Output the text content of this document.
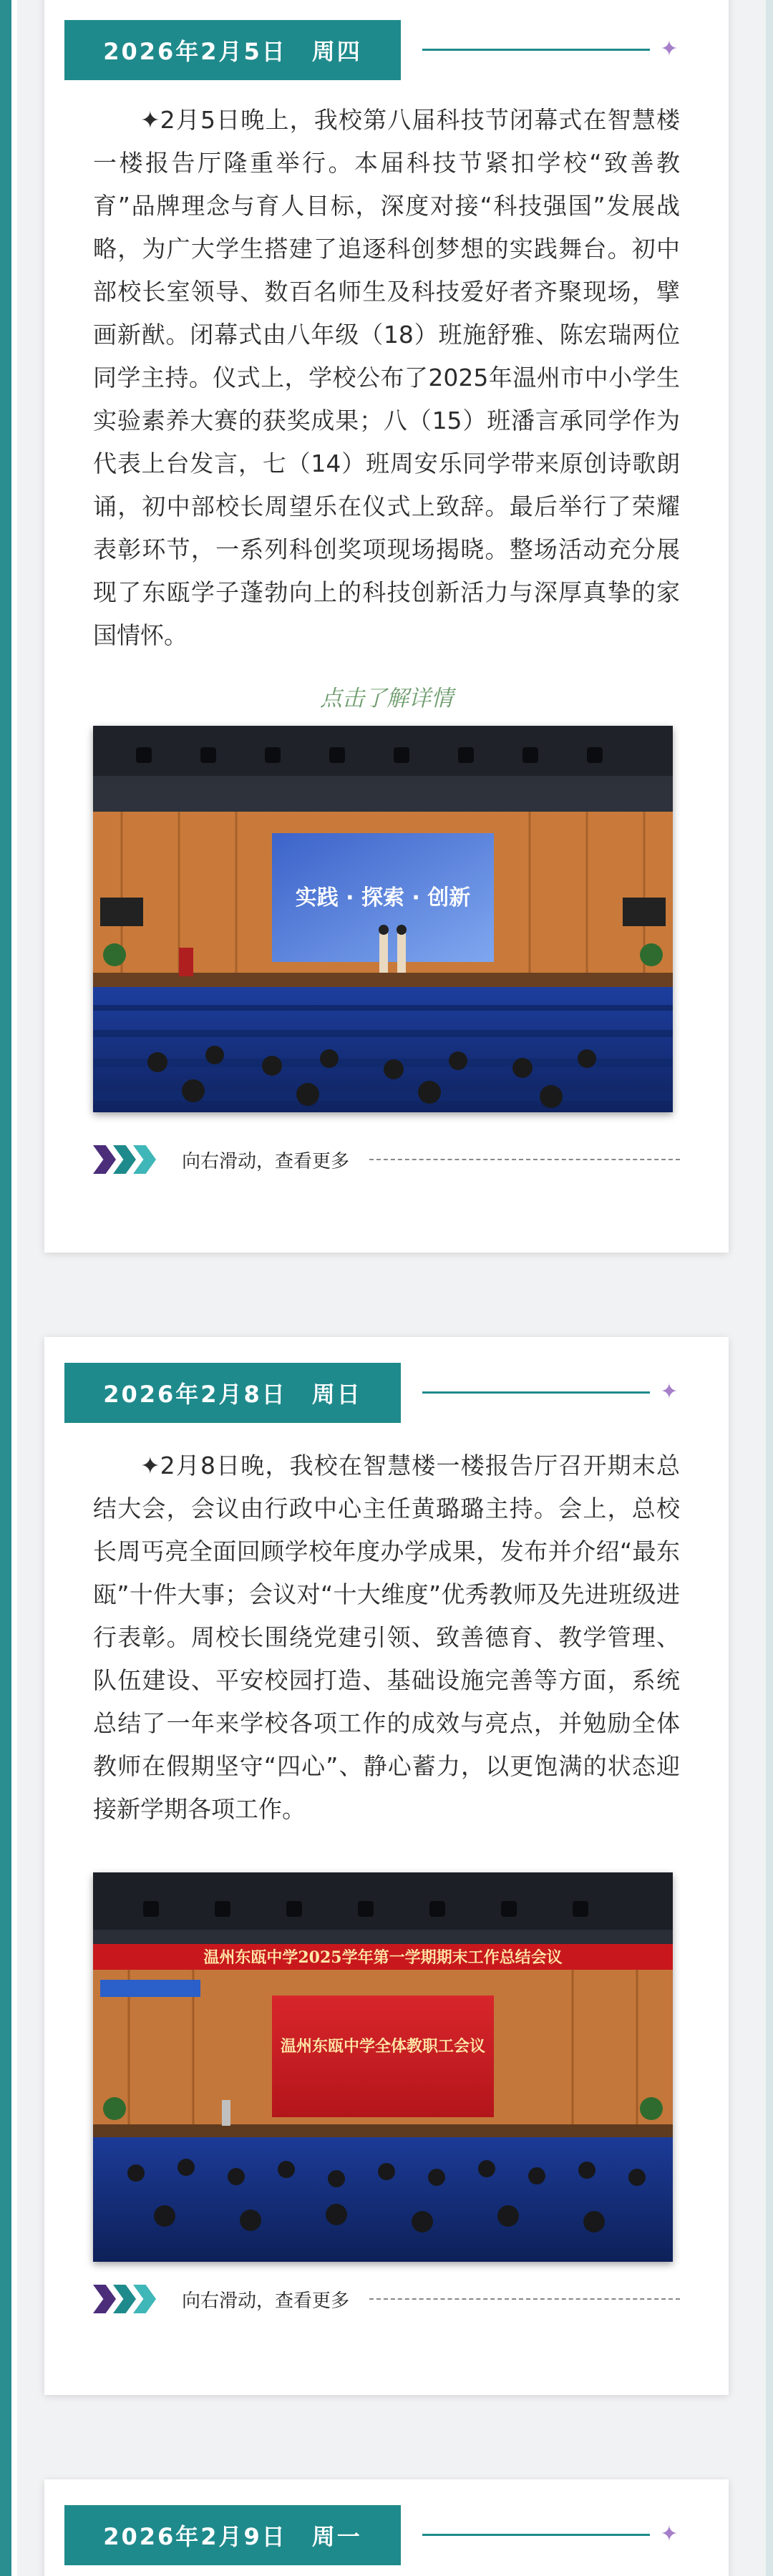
2026年2月5日　周四	✦

✦2月5日晚上，我校第八届科技节闭幕式在智慧楼一楼报告厅隆重举行。本届科技节紧扣学校“致善教育”品牌理念与育人目标，深度对接“科技强国”发展战略，为广大学生搭建了追逐科创梦想的实践舞台。初中部校长室领导、数百名师生及科技爱好者齐聚现场，擘画新猷。闭幕式由八年级（18）班施舒雅、陈宏瑞两位同学主持。仪式上，学校公布了2025年温州市中小学生实验素养大赛的获奖成果；八（15）班潘言承同学作为代表上台发言，七（14）班周安乐同学带来原创诗歌朗诵，初中部校长周望乐在仪式上致辞。最后举行了荣耀表彰环节，一系列科创奖项现场揭晓。整场活动充分展现了东瓯学子蓬勃向上的科技创新活力与深厚真挚的家国情怀。

点击了解详情
实践 · 探索 · 创新
向右滑动，查看更多
2026年2月8日　周日	✦

✦2月8日晚，我校在智慧楼一楼报告厅召开期末总结大会，会议由行政中心主任黄璐璐主持。会上，总校长周丐亮全面回顾学校年度办学成果，发布并介绍“最东瓯”十件大事；会议对“十大维度”优秀教师及先进班级进行表彰。周校长围绕党建引领、致善德育、教学管理、队伍建设、平安校园打造、基础设施完善等方面，系统总结了一年来学校各项工作的成效与亮点，并勉励全体教师在假期坚守“四心”、静心蓄力，以更饱满的状态迎接新学期各项工作。

温州东瓯中学2025学年第一学期期末工作总结会议
温州东瓯中学全体教职工会议
向右滑动，查看更多
2026年2月9日　周一	✦
